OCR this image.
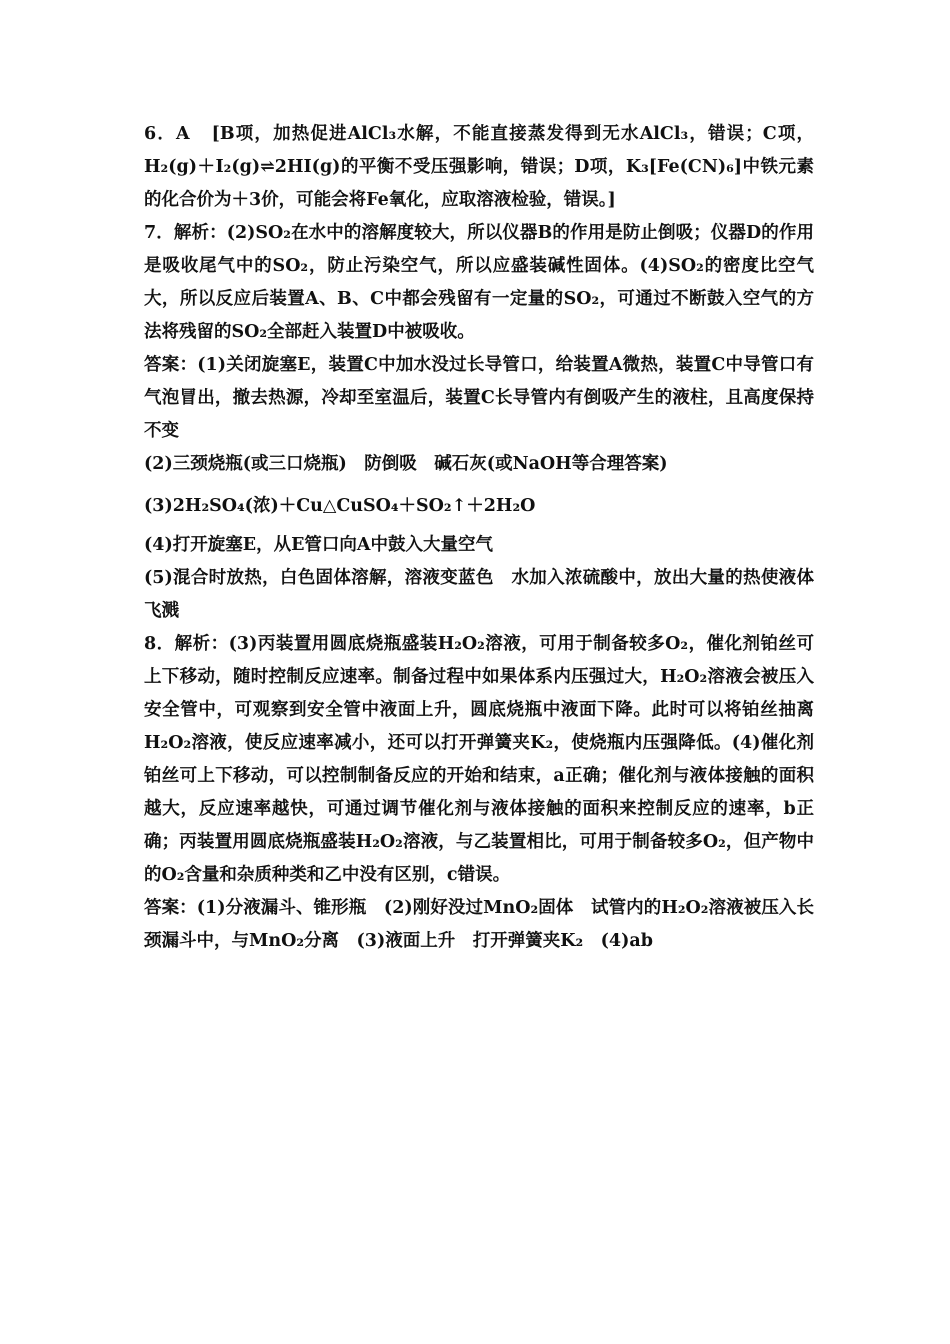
6．A [B项，加热促进AlCl₃水解，不能直接蒸发得到无水AlCl₃，错误；C项，H₂(g)＋I₂(g)⇌2HI(g)的平衡不受压强影响，错误；D项，K₃[Fe(CN)₆]中铁元素的化合价为＋3价，可能会将Fe氧化，应取溶液检验，错误。]

7．解析：(2)SO₂在水中的溶解度较大，所以仪器B的作用是防止倒吸；仪器D的作用是吸收尾气中的SO₂，防止污染空气，所以应盛装碱性固体。(4)SO₂的密度比空气大，所以反应后装置A、B、C中都会残留有一定量的SO₂，可通过不断鼓入空气的方法将残留的SO₂全部赶入装置D中被吸收。

答案：(1)关闭旋塞E，装置C中加水没过长导管口，给装置A微热，装置C中导管口有气泡冒出，撤去热源，冷却至室温后，装置C长导管内有倒吸产生的液柱，且高度保持不变

(2)三颈烧瓶(或三口烧瓶)　防倒吸　碱石灰(或NaOH等合理答案)

(3)2H₂SO₄(浓)＋Cu△CuSO₄＋SO₂↑＋2H₂O

(4)打开旋塞E，从E管口向A中鼓入大量空气

(5)混合时放热，白色固体溶解，溶液变蓝色　水加入浓硫酸中，放出大量的热使液体飞溅

8．解析：(3)丙装置用圆底烧瓶盛装H₂O₂溶液，可用于制备较多O₂，催化剂铂丝可上下移动，随时控制反应速率。制备过程中如果体系内压强过大，H₂O₂溶液会被压入安全管中，可观察到安全管中液面上升，圆底烧瓶中液面下降。此时可以将铂丝抽离H₂O₂溶液，使反应速率减小，还可以打开弹簧夹K₂，使烧瓶内压强降低。(4)催化剂铂丝可上下移动，可以控制制备反应的开始和结束，a正确；催化剂与液体接触的面积越大，反应速率越快，可通过调节催化剂与液体接触的面积来控制反应的速率，b正确；丙装置用圆底烧瓶盛装H₂O₂溶液，与乙装置相比，可用于制备较多O₂，但产物中的O₂含量和杂质种类和乙中没有区别，c错误。

答案：(1)分液漏斗、锥形瓶　(2)刚好没过MnO₂固体　试管内的H₂O₂溶液被压入长颈漏斗中，与MnO₂分离　(3)液面上升　打开弹簧夹K₂　(4)ab
